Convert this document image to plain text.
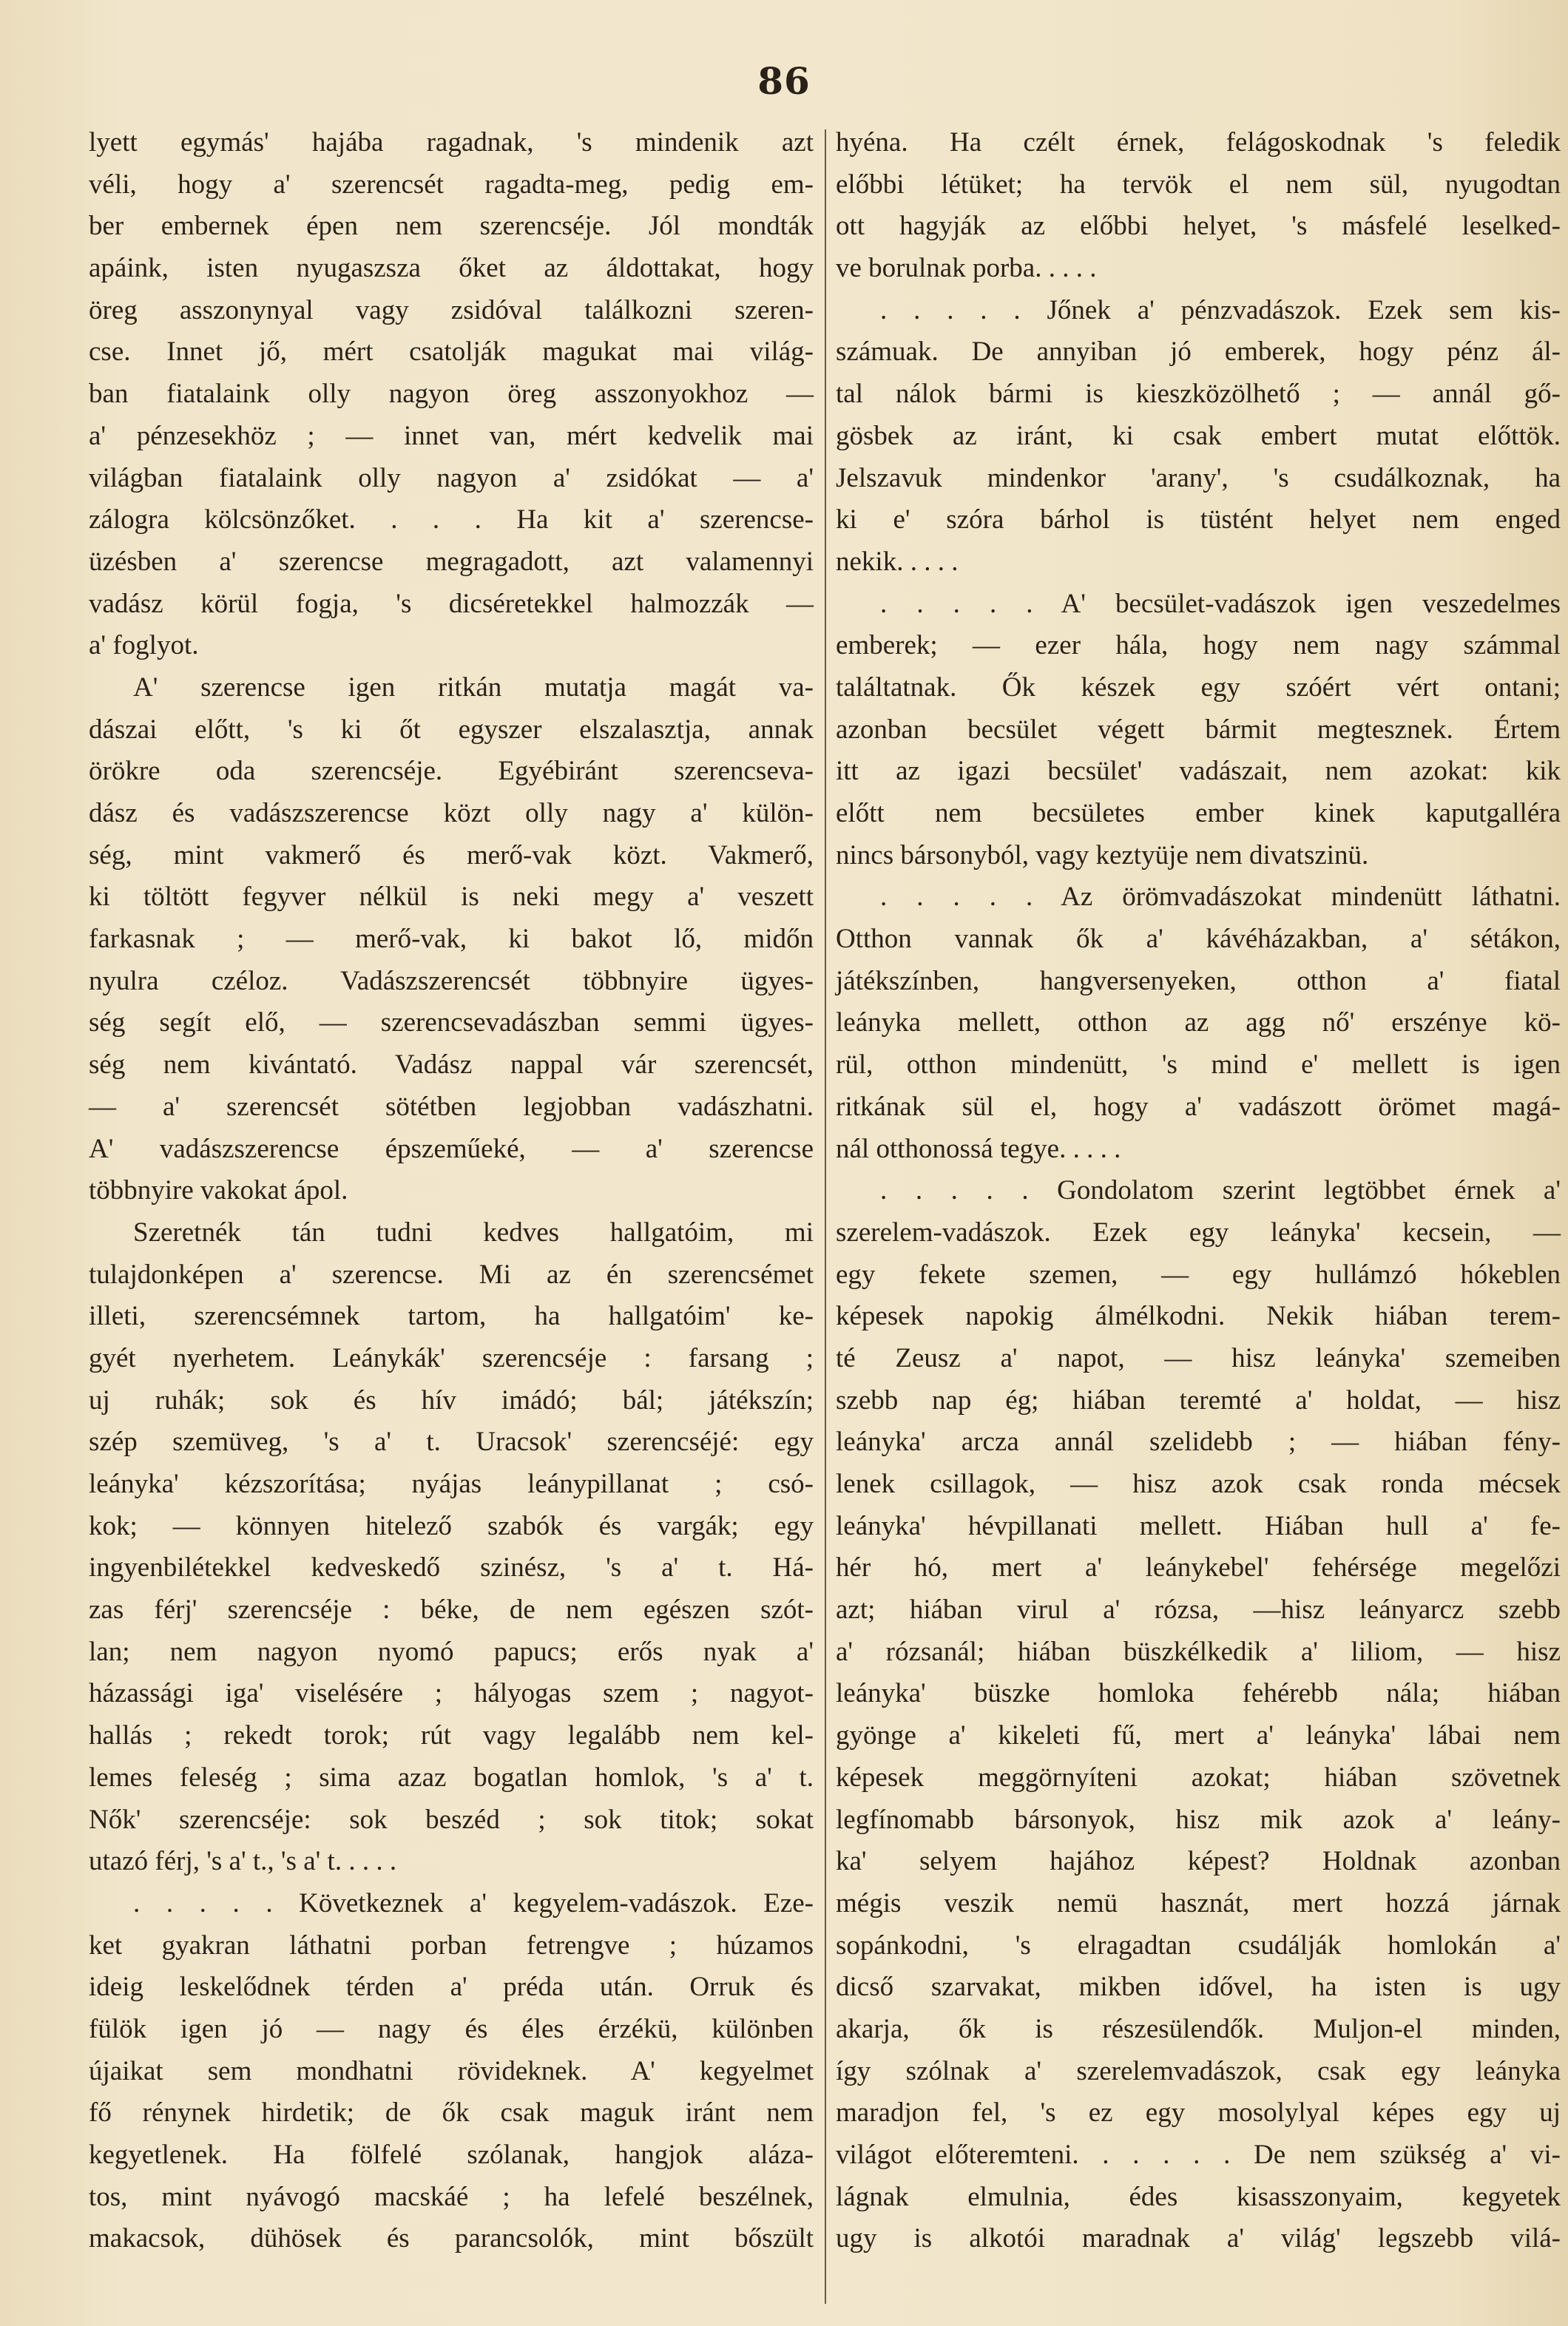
86
lyett egymás' hajába ragadnak, 's mindenik azt
véli, hogy a' szerencsét ragadta-meg, pedig em-
ber embernek épen nem szerencséje. Jól mondták
apáink, isten nyugaszsza őket az áldottakat, hogy
öreg asszonynyal vagy zsidóval találkozni szeren-
cse. Innet jő, mért csatolják magukat mai világ-
ban fiatalaink olly nagyon öreg asszonyokhoz —
a' pénzesekhöz ; — innet van, mért kedvelik mai
világban fiatalaink olly nagyon a' zsidókat — a'
zálogra kölcsönzőket. . . . Ha kit a' szerencse-
üzésben a' szerencse megragadott, azt valamennyi
vadász körül fogja, 's dicséretekkel halmozzák —
a' foglyot.
A' szerencse igen ritkán mutatja magát va-
dászai előtt, 's ki őt egyszer elszalasztja, annak
örökre oda szerencséje. Egyébiránt szerencseva-
dász és vadászszerencse közt olly nagy a' külön-
ség, mint vakmerő és merő-vak közt. Vakmerő,
ki töltött fegyver nélkül is neki megy a' veszett
farkasnak ; — merő-vak, ki bakot lő, midőn
nyulra czéloz. Vadászszerencsét többnyire ügyes-
ség segít elő, — szerencsevadászban semmi ügyes-
ség nem kivántató. Vadász nappal vár szerencsét,
— a' szerencsét sötétben legjobban vadászhatni.
A' vadászszerencse épszeműeké, — a' szerencse
többnyire vakokat ápol.
Szeretnék tán tudni kedves hallgatóim, mi
tulajdonképen a' szerencse. Mi az én szerencsémet
illeti, szerencsémnek tartom, ha hallgatóim' ke-
gyét nyerhetem. Leánykák' szerencséje : farsang ;
uj ruhák; sok és hív imádó; bál; játékszín;
szép szemüveg, 's a' t. Uracsok' szerencséjé: egy
leányka' kézszorítása; nyájas leánypillanat ; csó-
kok; — könnyen hitelező szabók és vargák; egy
ingyenbilétekkel kedveskedő szinész, 's a' t. Há-
zas férj' szerencséje : béke, de nem egészen szót-
lan; nem nagyon nyomó papucs; erős nyak a'
házassági iga' viselésére ; hályogas szem ; nagyot-
hallás ; rekedt torok; rút vagy legalább nem kel-
lemes feleség ; sima azaz bogatlan homlok, 's a' t.
Nők' szerencséje: sok beszéd ; sok titok; sokat
utazó férj, 's a' t., 's a' t. . . . .
. . . . . Következnek a' kegyelem-vadászok. Eze-
ket gyakran láthatni porban fetrengve ; húzamos
ideig leskelődnek térden a' préda után. Orruk és
fülök igen jó — nagy és éles érzékü, különben
újaikat sem mondhatni rövideknek. A' kegyelmet
fő rénynek hirdetik; de ők csak maguk iránt nem
kegyetlenek. Ha fölfelé szólanak, hangjok aláza-
tos, mint nyávogó macskáé ; ha lefelé beszélnek,
makacsok, dühösek és parancsolók, mint bőszült
hyéna. Ha czélt érnek, felágoskodnak 's feledik
előbbi létüket; ha tervök el nem sül, nyugodtan
ott hagyják az előbbi helyet, 's másfelé leselked-
ve borulnak porba. . . . .
. . . . . Jőnek a' pénzvadászok. Ezek sem kis-
számuak. De annyiban jó emberek, hogy pénz ál-
tal nálok bármi is kieszközölhető ; — annál gő-
gösbek az iránt, ki csak embert mutat előttök.
Jelszavuk mindenkor 'arany', 's csudálkoznak, ha
ki e' szóra bárhol is tüstént helyet nem enged
nekik. . . . .
. . . . . A' becsület-vadászok igen veszedelmes
emberek; — ezer hála, hogy nem nagy számmal
találtatnak. Ők készek egy szóért vért ontani;
azonban becsület végett bármit megtesznek. Értem
itt az igazi becsület' vadászait, nem azokat: kik
előtt nem becsületes ember kinek kaputgalléra
nincs bársonyból, vagy keztyüje nem divatszinü.
. . . . . Az örömvadászokat mindenütt láthatni.
Otthon vannak ők a' kávéházakban, a' sétákon,
játékszínben, hangversenyeken, otthon a' fiatal
leányka mellett, otthon az agg nő' erszénye kö-
rül, otthon mindenütt, 's mind e' mellett is igen
ritkának sül el, hogy a' vadászott örömet magá-
nál otthonossá tegye. . . . .
. . . . . Gondolatom szerint legtöbbet érnek a'
szerelem-vadászok. Ezek egy leányka' kecsein, —
egy fekete szemen, — egy hullámzó hókeblen
képesek napokig álmélkodni. Nekik hiában terem-
té Zeusz a' napot, — hisz leányka' szemeiben
szebb nap ég; hiában teremté a' holdat, — hisz
leányka' arcza annál szelidebb ; — hiában fény-
lenek csillagok, — hisz azok csak ronda mécsek
leányka' hévpillanati mellett. Hiában hull a' fe-
hér hó, mert a' leánykebel' fehérsége megelőzi
azt; hiában virul a' rózsa, —hisz leányarcz szebb
a' rózsanál; hiában büszkélkedik a' liliom, — hisz
leányka' büszke homloka fehérebb nála; hiában
gyönge a' kikeleti fű, mert a' leányka' lábai nem
képesek meggörnyíteni azokat; hiában szövetnek
legfínomabb bársonyok, hisz mik azok a' leány-
ka' selyem hajához képest? Holdnak azonban
mégis veszik nemü hasznát, mert hozzá járnak
sopánkodni, 's elragadtan csudálják homlokán a'
dicső szarvakat, mikben idővel, ha isten is ugy
akarja, ők is részesülendők. Muljon-el minden,
így szólnak a' szerelemvadászok, csak egy leányka
maradjon fel, 's ez egy mosolylyal képes egy uj
világot előteremteni. . . . . . De nem szükség a' vi-
lágnak elmulnia, édes kisasszonyaim, kegyetek
ugy is alkotói maradnak a' világ' legszebb vilá-
